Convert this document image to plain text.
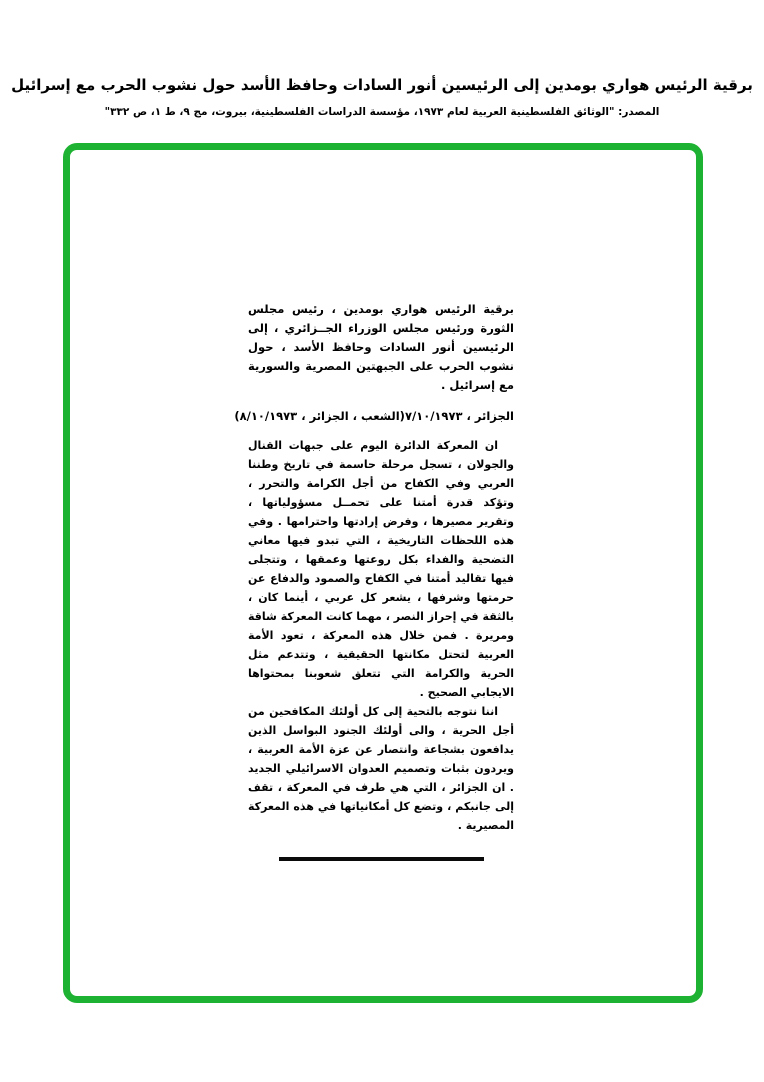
برقية الرئيس هواري بومدين إلى الرئيسين أنور السادات وحافظ الأسد حول نشوب الحرب مع إسرائيل
المصدر: "الوثائق الفلسطينية العربية لعام ١٩٧٣، مؤسسة الدراسات الفلسطينية، بيروت، مج ٩، ط ١، ص ٣٣٢"

برقية الرئيس هواري بومدين ، رئيس مجلس الثورة ورئيس مجلس الوزراء الجــزائري ، إلى الرئيسين أنور السادات وحافظ الأسد ، حول نشوب الحرب على الجبهتين المصرية والسورية مع إسرائيل .

الجزائر ، ٧/١٠/١٩٧٣
(الشعب ، الجزائر ، ٨/١٠/١٩٧٣)

ان المعركة الدائرة اليوم على جبهات القنال والجولان ، تسجل مرحلة حاسمة في تاريخ وطننا العربي وفي الكفاح من أجل الكرامة والتحرر ، وتؤكد قدرة أمتنا على تحمــل مسؤولياتها ، وتقرير مصيرها ، وفرض إرادتها واحترامها . وفي هذه اللحظات التاريخية ، التي تبدو فيها معاني التضحية والفداء بكل روعتها وعمقها ، وتتجلى فيها تقاليد أمتنا في الكفاح والصمود والدفاع عن حرمتها وشرفها ، يشعر كل عربي ، أينما كان ، بالثقة في إحراز النصر ، مهما كانت المعركة شاقة ومريرة . فمن خلال هذه المعركة ، تعود الأمة العربية لتحتل مكانتها الحقيقية ، وتتدعم مثل الحرية والكرامة التي تتعلق شعوبنا بمحتواها الايجابي الصحيح .

اننا نتوجه بالتحية إلى كل أولئك المكافحين من أجل الحرية ، والى أولئك الجنود البواسل الذين يدافعون بشجاعة وانتصار عن عزة الأمة العربية ، ويردون بثبات وتصميم العدوان الاسرائيلي الجديد . ان الجزائر ، التي هي طرف في المعركة ، تقف إلى جانبكم ، وتضع كل أمكانياتها في هذه المعركة المصيرية .
